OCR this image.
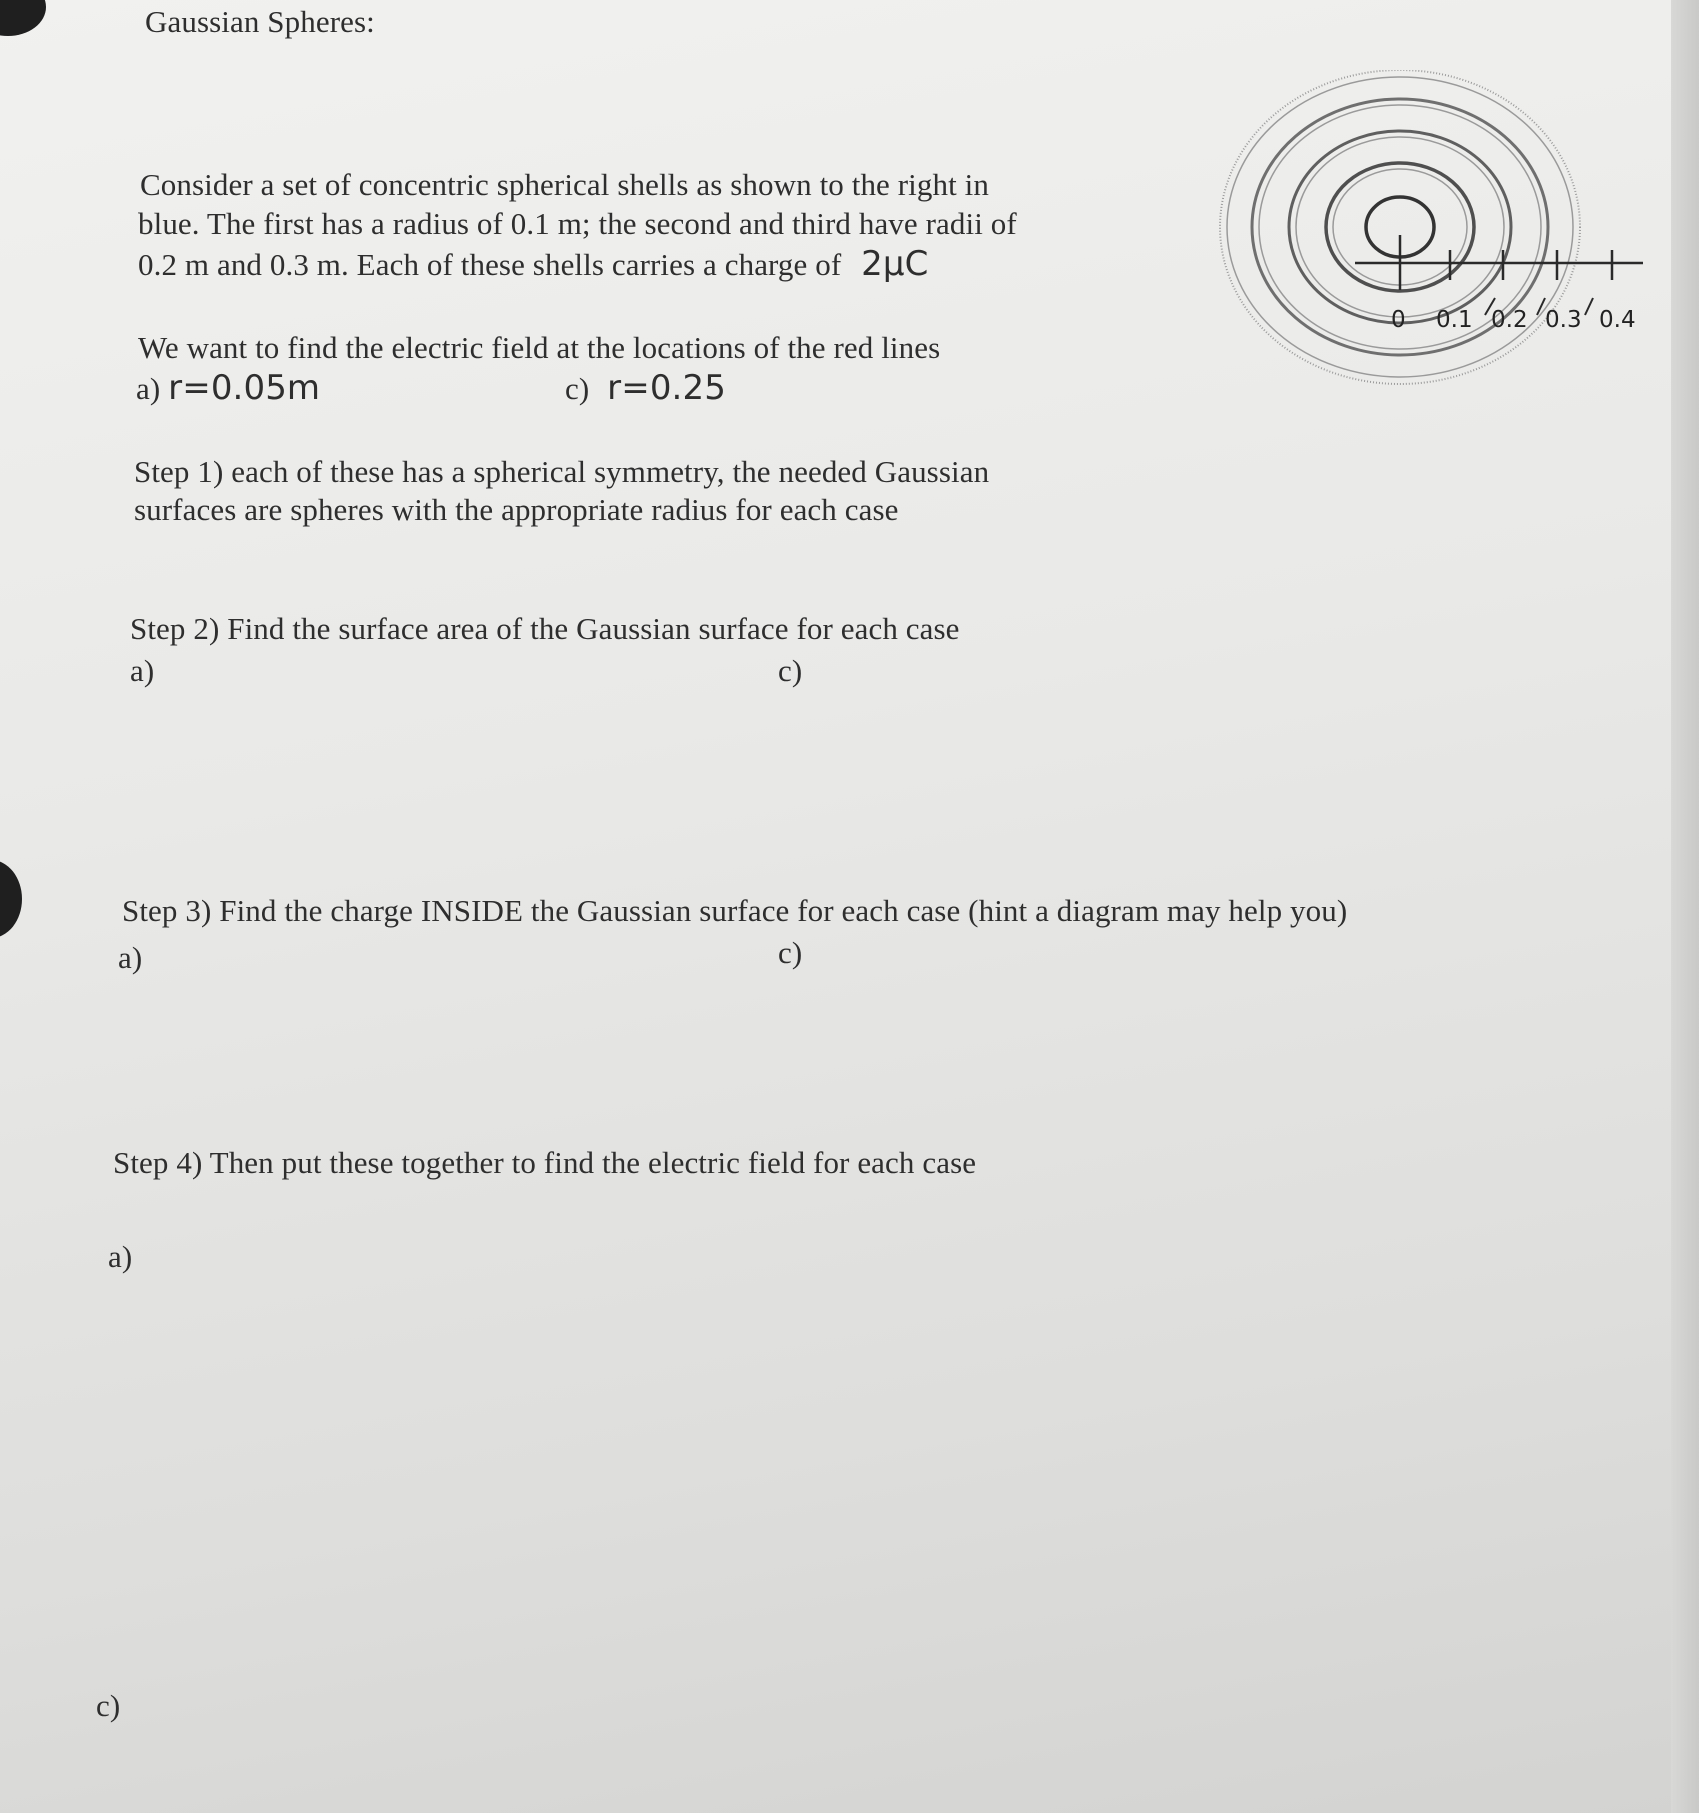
Gaussian Spheres:
Consider a set of concentric spherical shells as shown to the right in
blue. The first has a radius of 0.1 m; the second and third have radii of
0.2 m and 0.3 m. Each of these shells carries a charge of 2μC
We want to find the electric field at the locations of the red lines
a) r=0.05m	c) r=0.25
Step 1) each of these has a spherical symmetry, the needed Gaussian
surfaces are spheres with the appropriate radius for each case
Step 2) Find the surface area of the Gaussian surface for each case
a)	c)
Step 3) Find the charge INSIDE the Gaussian surface for each case (hint a diagram may help you)
a)	c)
Step 4) Then put these together to find the electric field for each case
a)
c)
0 0.1 0.2 0.3 0.4
